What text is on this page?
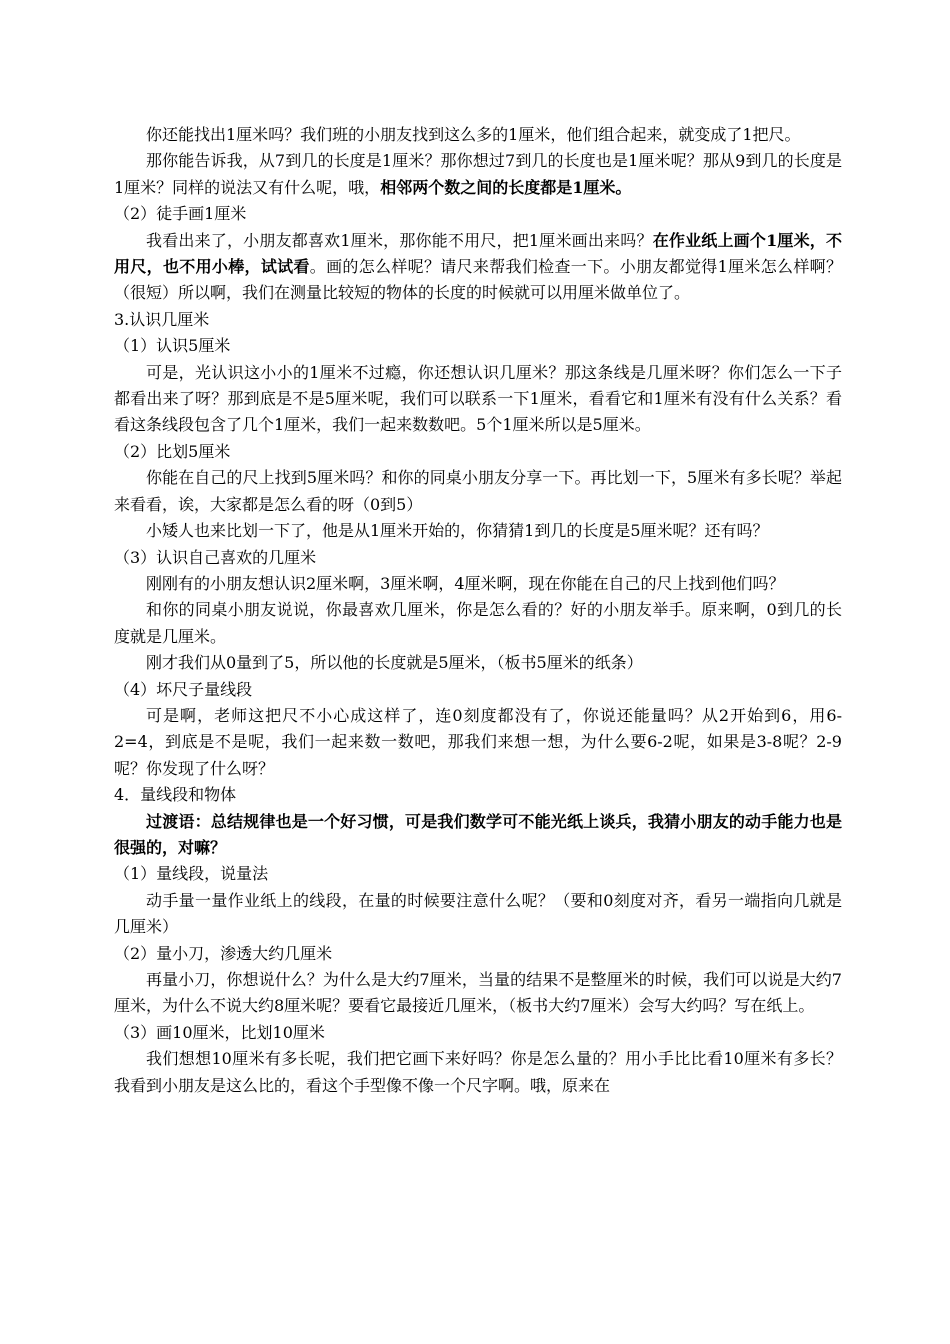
你还能找出1厘米吗？我们班的小朋友找到这么多的1厘米，他们组合起来，就变成了1把尺。

那你能告诉我，从7到几的长度是1厘米？那你想过7到几的长度也是1厘米呢？那从9到几的长度是1厘米？同样的说法又有什么呢，哦，相邻两个数之间的长度都是1厘米。

（2）徒手画1厘米

我看出来了，小朋友都喜欢1厘米，那你能不用尺，把1厘米画出来吗？在作业纸上画个1厘米，不用尺，也不用小棒，试试看。画的怎么样呢？请尺来帮我们检查一下。小朋友都觉得1厘米怎么样啊？（很短）所以啊，我们在测量比较短的物体的长度的时候就可以用厘米做单位了。

3.认识几厘米

（1）认识5厘米

可是，光认识这小小的1厘米不过瘾，你还想认识几厘米？那这条线是几厘米呀？你们怎么一下子都看出来了呀？那到底是不是5厘米呢，我们可以联系一下1厘米，看看它和1厘米有没有什么关系？看看这条线段包含了几个1厘米，我们一起来数数吧。5个1厘米所以是5厘米。

（2）比划5厘米

你能在自己的尺上找到5厘米吗？和你的同桌小朋友分享一下。再比划一下，5厘米有多长呢？举起来看看，诶，大家都是怎么看的呀（0到5）

小矮人也来比划一下了，他是从1厘米开始的，你猜猜1到几的长度是5厘米呢？还有吗？

（3）认识自己喜欢的几厘米

刚刚有的小朋友想认识2厘米啊，3厘米啊，4厘米啊，现在你能在自己的尺上找到他们吗？

和你的同桌小朋友说说，你最喜欢几厘米，你是怎么看的？好的小朋友举手。原来啊，0到几的长度就是几厘米。

刚才我们从0量到了5，所以他的长度就是5厘米，（板书5厘米的纸条）

（4）坏尺子量线段

可是啊，老师这把尺不小心成这样了，连0刻度都没有了，你说还能量吗？从2开始到6，用6-2=4，到底是不是呢，我们一起来数一数吧，那我们来想一想，为什么要6-2呢，如果是3-8呢？2-9呢？你发现了什么呀？

4．量线段和物体

过渡语：总结规律也是一个好习惯，可是我们数学可不能光纸上谈兵，我猜小朋友的动手能力也是很强的，对嘛？

（1）量线段，说量法

动手量一量作业纸上的线段，在量的时候要注意什么呢？（要和0刻度对齐，看另一端指向几就是几厘米）

（2）量小刀，渗透大约几厘米

再量小刀，你想说什么？为什么是大约7厘米，当量的结果不是整厘米的时候，我们可以说是大约7厘米，为什么不说大约8厘米呢？要看它最接近几厘米，（板书大约7厘米）会写大约吗？写在纸上。

（3）画10厘米，比划10厘米

我们想想10厘米有多长呢，我们把它画下来好吗？你是怎么量的？用小手比比看10厘米有多长？我看到小朋友是这么比的，看这个手型像不像一个尺字啊。哦，原来在
